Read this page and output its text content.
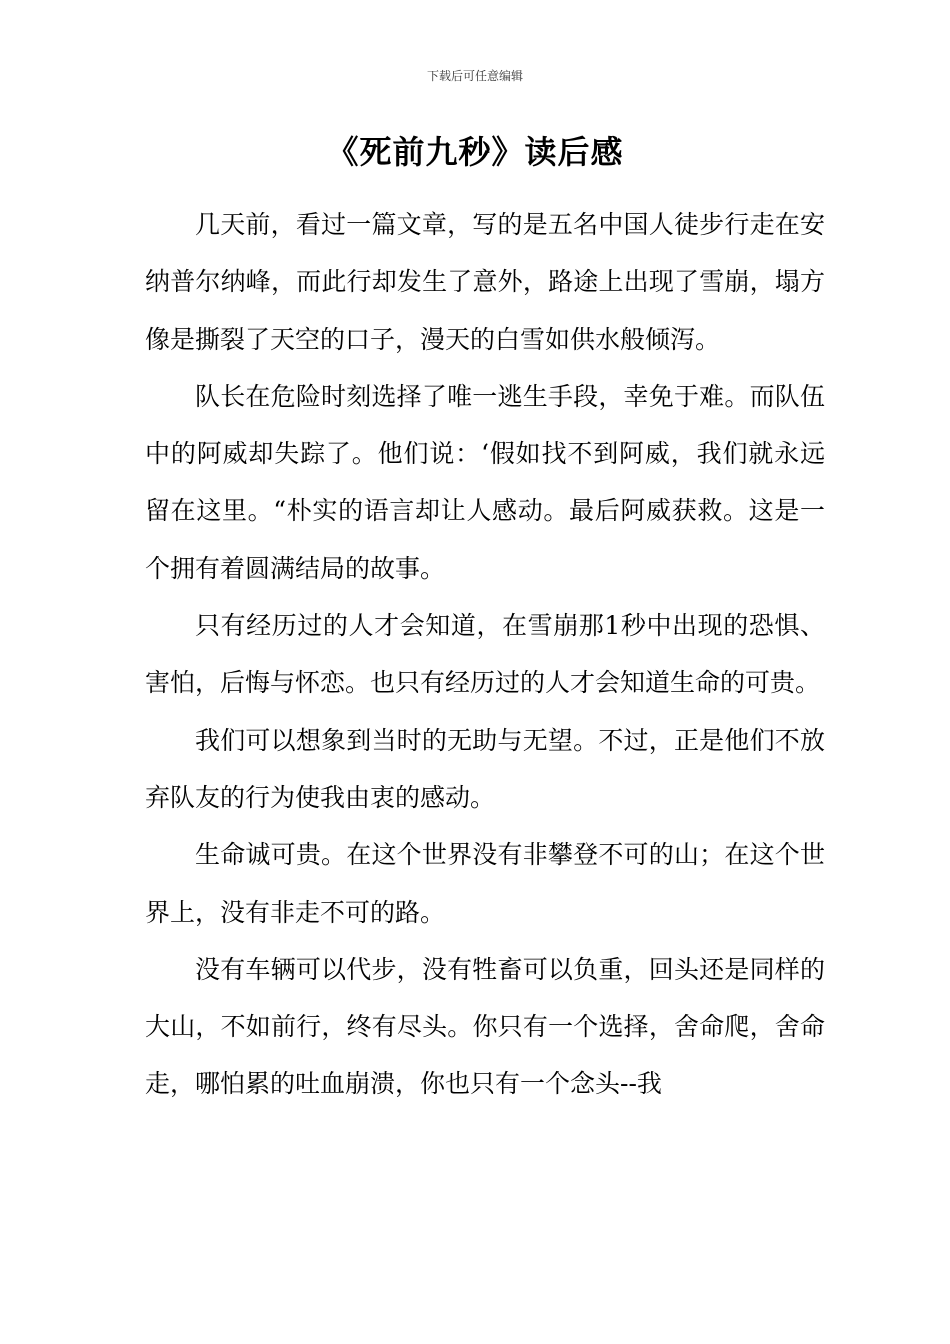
下载后可任意编辑
《死前九秒》读后感

几天前，看过一篇文章，写的是五名中国人徒步行走在安纳普尔纳峰，而此行却发生了意外，路途上出现了雪崩，塌方像是撕裂了天空的口子，漫天的白雪如供水般倾泻。

队长在危险时刻选择了唯一逃生手段，幸免于难。而队伍中的阿威却失踪了。他们说：‘假如找不到阿威，我们就永远留在这里。“朴实的语言却让人感动。最后阿威获救。这是一个拥有着圆满结局的故事。

只有经历过的人才会知道，在雪崩那1秒中出现的恐惧、害怕，后悔与怀恋。也只有经历过的人才会知道生命的可贵。

我们可以想象到当时的无助与无望。不过，正是他们不放弃队友的行为使我由衷的感动。

生命诚可贵。在这个世界没有非攀登不可的山；在这个世界上，没有非走不可的路。

没有车辆可以代步，没有牲畜可以负重，回头还是同样的大山，不如前行，终有尽头。你只有一个选择，舍命爬，舍命走，哪怕累的吐血崩溃，你也只有一个念头--我
